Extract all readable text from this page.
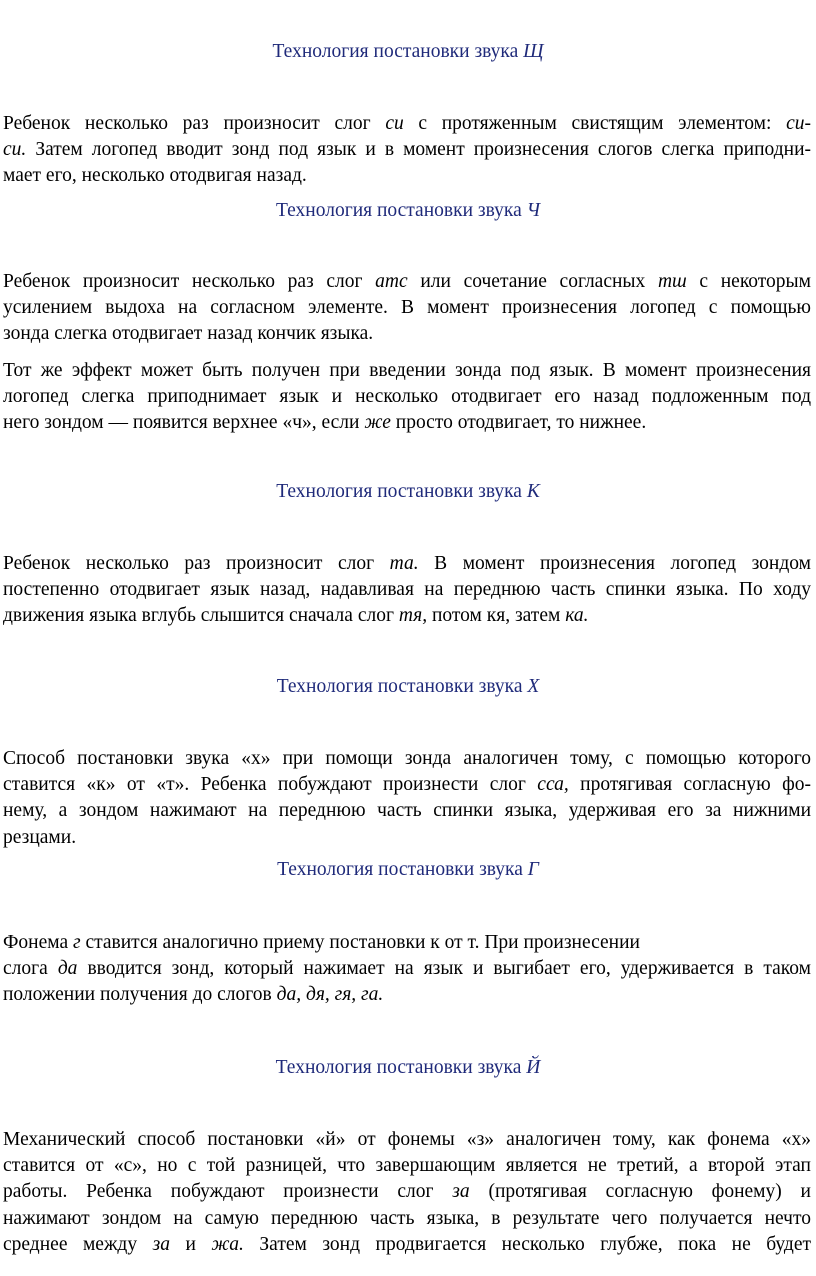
Технология постановки звука Щ

Ребенок несколько раз произносит слог си с протяженным свистящим элементом: си-
си. Затем логопед вводит зонд под язык и в момент произнесения слогов слегка приподни-
мает его, несколько отодвигая назад.

Технология постановки звука Ч

Ребенок произносит несколько раз слог атс или сочетание согласных тш с некоторым
усилением выдоха на согласном элементе. В момент произнесения логопед с помощью
зонда слегка отодвигает назад кончик языка.

Тот же эффект может быть получен при введении зонда под язык. В момент произнесения
логопед слегка приподнимает язык и несколько отодвигает его назад подложенным под
него зондом — появится верхнее «ч», если же просто отодвигает, то нижнее.

Технология постановки звука К

Ребенок несколько раз произносит слог та. В момент произнесения логопед зондом
постепенно отодвигает язык назад, надавливая на переднюю часть спинки языка. По ходу
движения языка вглубь слышится сначала слог тя, потом кя, затем ка.

Технология постановки звука Х

Способ постановки звука «х» при помощи зонда аналогичен тому, с помощью которого
ставится «к» от «т». Ребенка побуждают произнести слог сса, протягивая согласную фо-
нему, а зондом нажимают на переднюю часть спинки языка, удерживая его за нижними
резцами.

Технология постановки звука Г

Фонема г ставится аналогично приему постановки к от т. При произнесении
слога да вводится зонд, который нажимает на язык и выгибает его, удерживается в таком
положении получения до слогов да, дя, гя, га.

Технология постановки звука Й

Механический способ постановки «й» от фонемы «з» аналогичен тому, как фонема «х»
ставится от «с», но с той разницей, что завершающим является не третий, а второй этап
работы. Ребенка побуждают произнести слог за (протягивая согласную фонему) и
нажимают зондом на самую переднюю часть языка, в результате чего получается нечто
среднее между за и жа. Затем зонд продвигается несколько глубже, пока не будет
